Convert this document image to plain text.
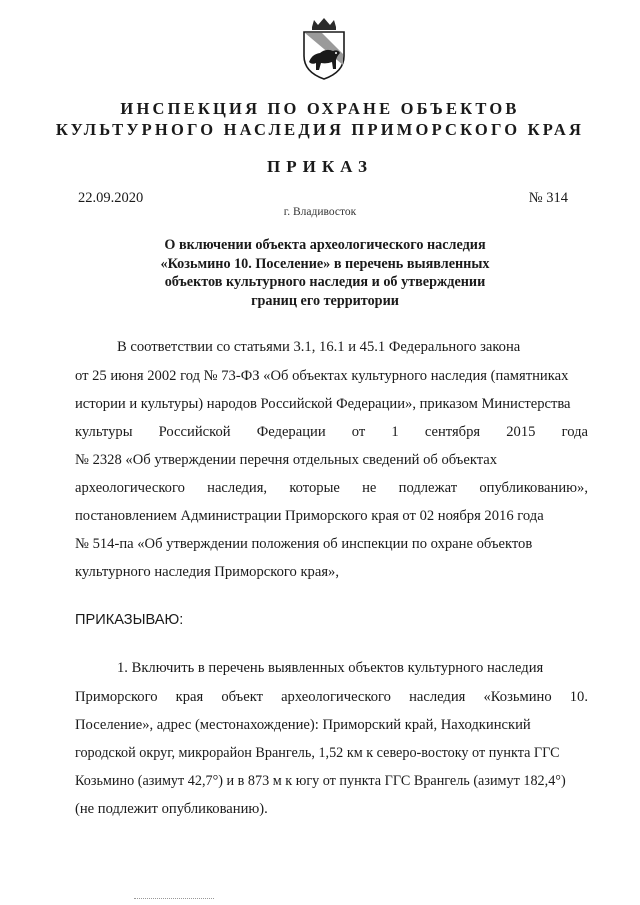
ИНСПЕКЦИЯ ПО ОХРАНЕ ОБЪЕКТОВ
КУЛЬТУРНОГО НАСЛЕДИЯ ПРИМОРСКОГО КРАЯ
ПРИКАЗ
22.09.2020	№ 314
г. Владивосток
О включении объекта археологического наследия
«Козьмино 10. Поселение» в перечень выявленных
объектов культурного наследия и об утверждении
границ его территории
В соответствии со статьями 3.1, 16.1 и 45.1 Федерального закона
от 25 июня 2002 год № 73-ФЗ «Об объектах культурного наследия (памятниках
истории и культуры) народов Российской Федерации», приказом Министерства
культуры Российской Федерации от 1 сентября 2015 года
№ 2328 «Об утверждении перечня отдельных сведений об объектах
археологического наследия, которые не подлежат опубликованию»,
постановлением Администрации Приморского края от 02 ноября 2016 года
№ 514-па «Об утверждении положения об инспекции по охране объектов
культурного наследия Приморского края»,
ПРИКАЗЫВАЮ:
1. Включить в перечень выявленных объектов культурного наследия
Приморского края объект археологического наследия «Козьмино 10.
Поселение», адрес (местонахождение): Приморский край, Находкинский
городской округ, микрорайон Врангель, 1,52 км к северо-востоку от пункта ГГС
Козьмино (азимут 42,7°) и в 873 м к югу от пункта ГГС Врангель (азимут 182,4°)
(не подлежит опубликованию).
